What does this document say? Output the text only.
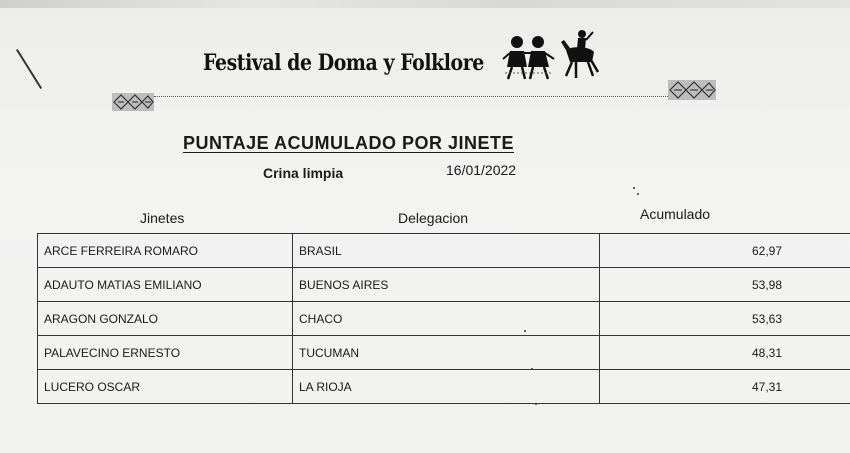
Festival de Doma y Folklore
PUNTAJE ACUMULADO POR JINETE
Crina limpia	16/01/2022
Jinetes	Delegacion	Acumulado
ARCE FERREIRA ROMARO	BRASIL	62,97
ADAUTO MATIAS EMILIANO	BUENOS AIRES	53,98
ARAGON GONZALO	CHACO	53,63
PALAVECINO ERNESTO	TUCUMAN	48,31
LUCERO OSCAR	LA RIOJA	47,31
